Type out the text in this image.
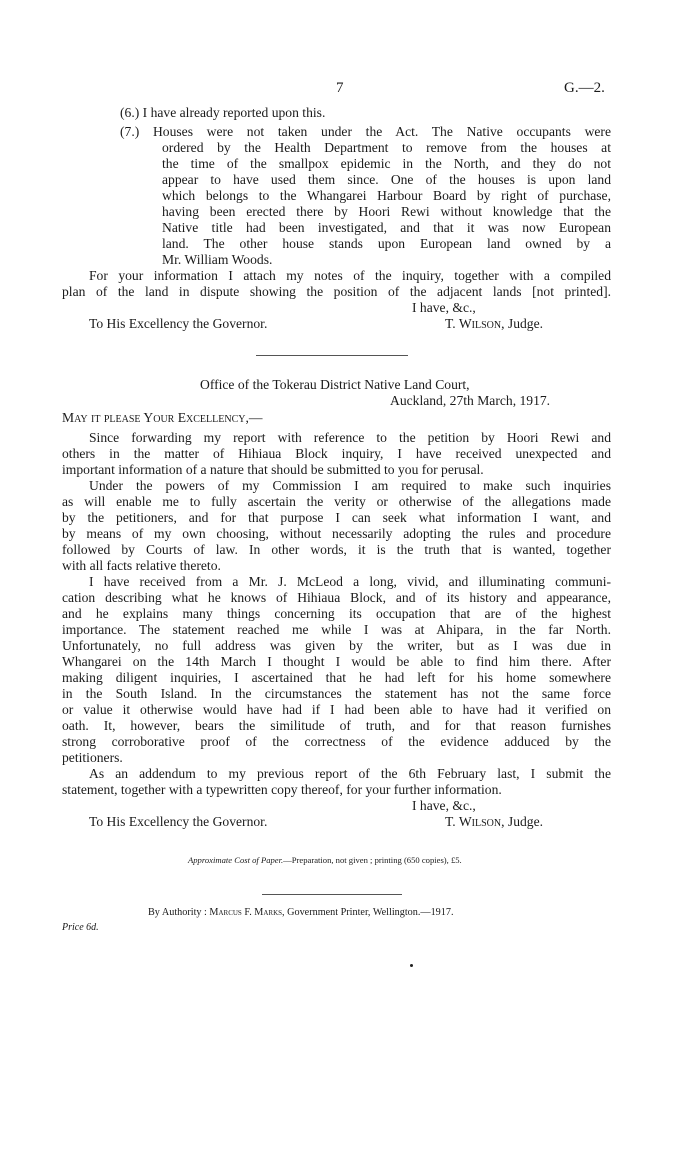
7	G.—2.
(6.) I have already reported upon this.
(7.) Houses were not taken under the Act. The Native occupants were
ordered by the Health Department to remove from the houses at
the time of the smallpox epidemic in the North, and they do not
appear to have used them since. One of the houses is upon land
which belongs to the Whangarei Harbour Board by right of purchase,
having been erected there by Hoori Rewi without knowledge that the
Native title had been investigated, and that it was now European
land. The other house stands upon European land owned by a
Mr. William Woods.
For your information I attach my notes of the inquiry, together with a compiled
plan of the land in dispute showing the position of the adjacent lands [not printed].
I have, &c.,
To His Excellency the Governor.	T. Wilson, Judge.
Office of the Tokerau District Native Land Court,
Auckland, 27th March, 1917.
May it please Your Excellency,—
Since forwarding my report with reference to the petition by Hoori Rewi and
others in the matter of Hihiaua Block inquiry, I have received unexpected and
important information of a nature that should be submitted to you for perusal.
Under the powers of my Commission I am required to make such inquiries
as will enable me to fully ascertain the verity or otherwise of the allegations made
by the petitioners, and for that purpose I can seek what information I want, and
by means of my own choosing, without necessarily adopting the rules and procedure
followed by Courts of law. In other words, it is the truth that is wanted, together
with all facts relative thereto.
I have received from a Mr. J. McLeod a long, vivid, and illuminating communi-
cation describing what he knows of Hihiaua Block, and of its history and appearance,
and he explains many things concerning its occupation that are of the highest
importance. The statement reached me while I was at Ahipara, in the far North.
Unfortunately, no full address was given by the writer, but as I was due in
Whangarei on the 14th March I thought I would be able to find him there. After
making diligent inquiries, I ascertained that he had left for his home somewhere
in the South Island. In the circumstances the statement has not the same force
or value it otherwise would have had if I had been able to have had it verified on
oath. It, however, bears the similitude of truth, and for that reason furnishes
strong corroborative proof of the correctness of the evidence adduced by the
petitioners.
As an addendum to my previous report of the 6th February last, I submit the
statement, together with a typewritten copy thereof, for your further information.
I have, &c.,
To His Excellency the Governor.	T. Wilson, Judge.
Approximate Cost of Paper.—Preparation, not given ; printing (650 copies), £5.
By Authority : Marcus F. Marks, Government Printer, Wellington.—1917.
Price 6d.
